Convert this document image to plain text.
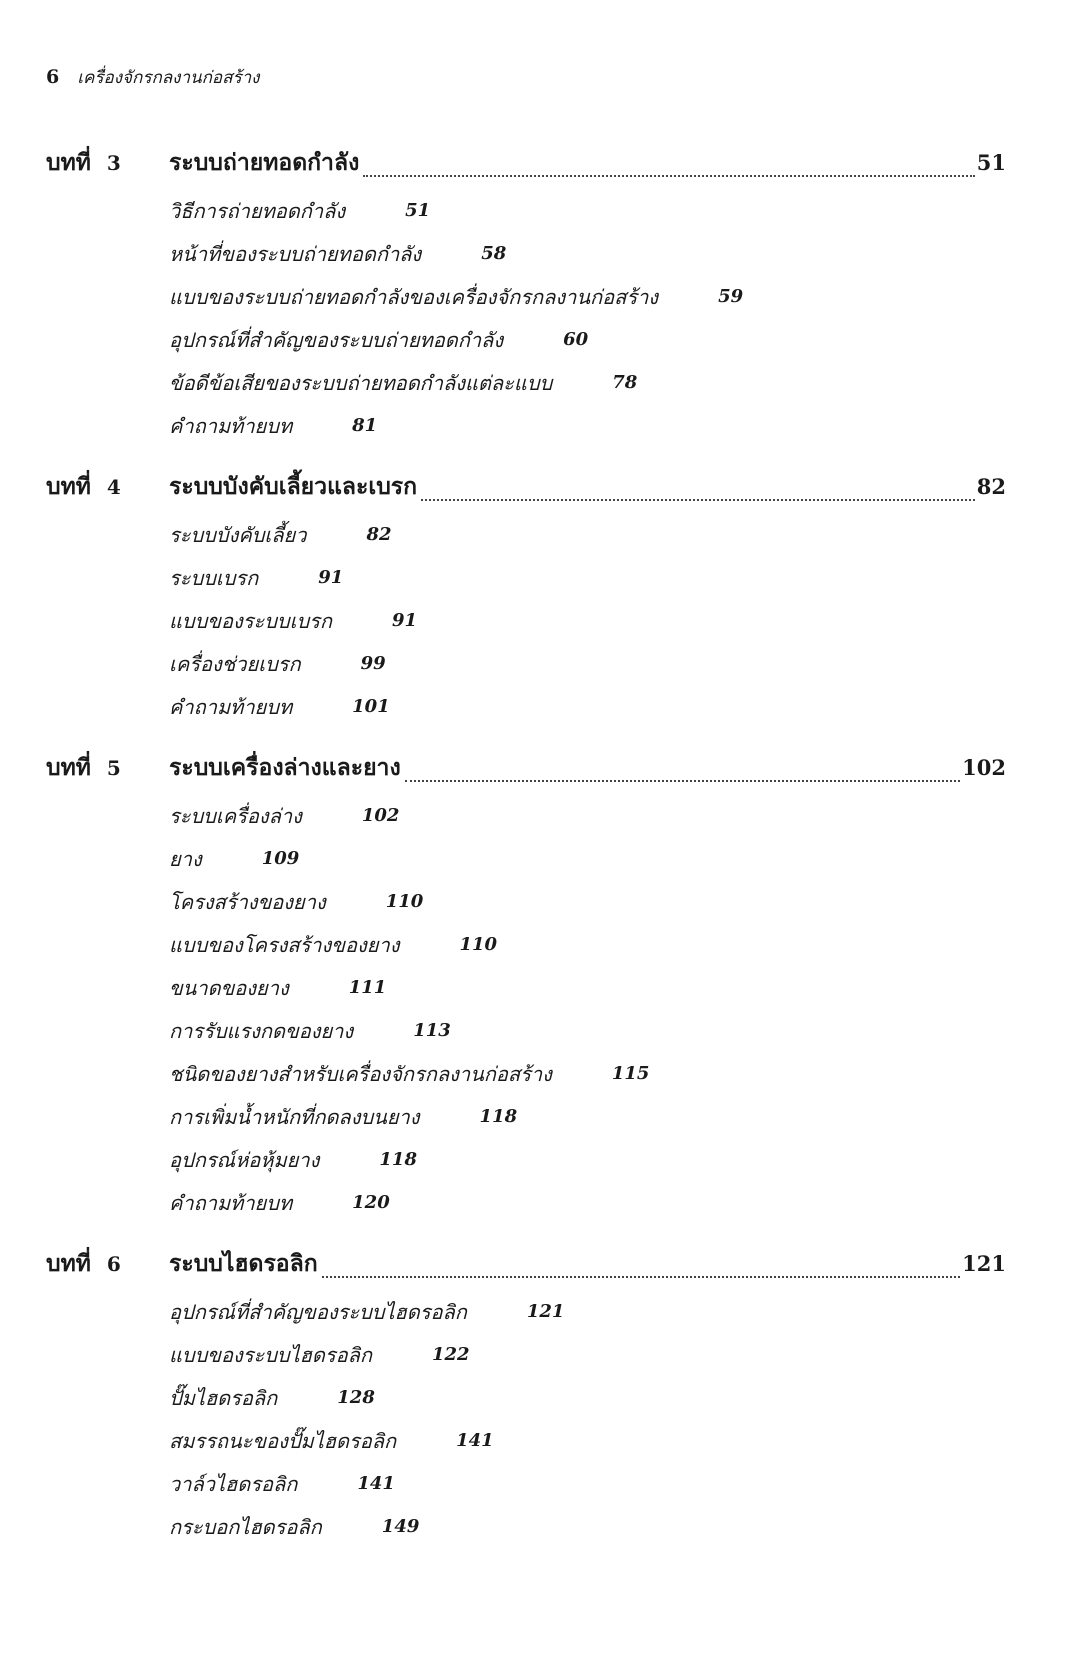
6 เครื่องจักรกลงานก่อสร้าง
บทที่ 3 ระบบถ่ายทอดกำลัง	51
วิธีการถ่ายทอดกำลัง	51
หน้าที่ของระบบถ่ายทอดกำลัง	58
แบบของระบบถ่ายทอดกำลังของเครื่องจักรกลงานก่อสร้าง	59
อุปกรณ์ที่สำคัญของระบบถ่ายทอดกำลัง	60
ข้อดีข้อเสียของระบบถ่ายทอดกำลังแต่ละแบบ	78
คำถามท้ายบท	81
บทที่ 4 ระบบบังคับเลี้ยวและเบรก	82
ระบบบังคับเลี้ยว	82
ระบบเบรก	91
แบบของระบบเบรก	91
เครื่องช่วยเบรก	99
คำถามท้ายบท	101
บทที่ 5 ระบบเครื่องล่างและยาง	102
ระบบเครื่องล่าง	102
ยาง	109
โครงสร้างของยาง	110
แบบของโครงสร้างของยาง	110
ขนาดของยาง	111
การรับแรงกดของยาง	113
ชนิดของยางสำหรับเครื่องจักรกลงานก่อสร้าง	115
การเพิ่มน้ำหนักที่กดลงบนยาง	118
อุปกรณ์ห่อหุ้มยาง	118
คำถามท้ายบท	120
บทที่ 6 ระบบไฮดรอลิก	121
อุปกรณ์ที่สำคัญของระบบไฮดรอลิก	121
แบบของระบบไฮดรอลิก	122
ปั๊มไฮดรอลิก	128
สมรรถนะของปั๊มไฮดรอลิก	141
วาล์วไฮดรอลิก	141
กระบอกไฮดรอลิก	149
